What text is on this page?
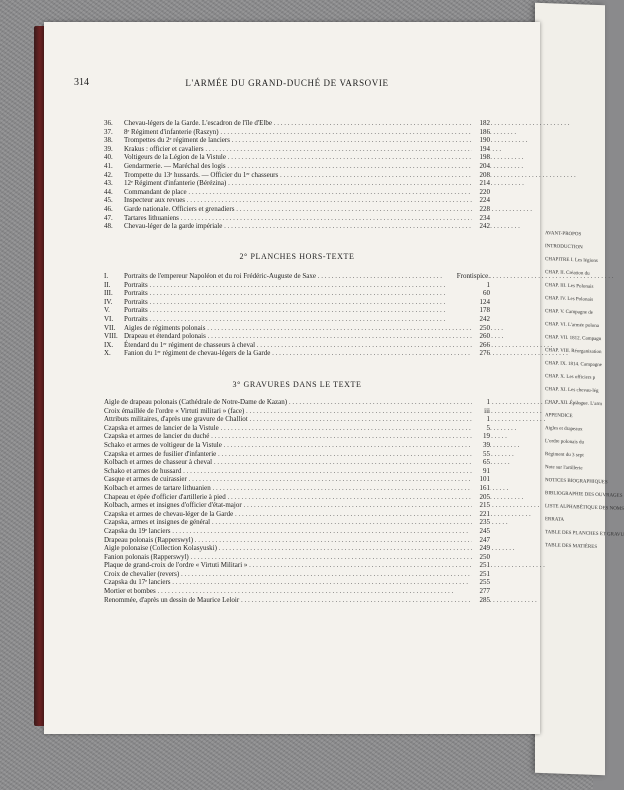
AVANT-PROPOS
INTRODUCTION
CHAPITRE I. Les légions
CHAP. II. Création du
CHAP. III. Les Polonais
CHAP. IV. Les Polonais
CHAP. V. Campagne de
CHAP. VI. L'armée polona
CHAP. VII. 1812. Campagn
CHAP. VIII. Réorganisation
CHAP. IX. 1814. Campagne
CHAP. X. Les officiers p
CHAP. XI. Les chevau-lég
CHAP. XII. Épilogue. L'arm
APPENDICE
Aigles et drapeaux
L'ordre polonais du
Régiment du 3 sept
Note sur l'artillerie
NOTICES BIOGRAPHIQUES
BIBLIOGRAPHIE DES OUVRAGES
LISTE ALPHABÉTIQUE DES NOMS
ERRATA
TABLE DES PLANCHES ET GRAVU
TABLE DES MATIÈRES
314	L'ARMÉE DU GRAND-DUCHÉ DE VARSOVIE
36.	Chevau-légers de la Garde. L'escadron de l'île d'Elbe . . .	182
37.	8ᵉ Régiment d'infanterie (Raszyn) . . .	186
38.	Trompettes du 2ᵉ régiment de lanciers . . .	190
39.	Krakus : officier et cavaliers . . .	194
40.	Voltigeurs de la Légion de la Vistule . . .	198
41.	Gendarmerie. — Maréchal des logis . . .	204
42.	Trompette du 13ᵉ hussards. — Officier du 1ᵉʳ chasseurs . . .	208
43.	12ᵉ Régiment d'infanterie (Bérézina) . . .	214
44.	Commandant de place . . .	220
45.	Inspecteur aux revues . . .	224
46.	Garde nationale. Officiers et grenadiers . . .	228
47.	Tartares lithuaniens . . .	234
48.	Chevau-léger de la garde impériale . . .	242
2° PLANCHES HORS-TEXTE
I.	Portraits de l'empereur Napoléon et du roi Frédéric-Auguste de Saxe . . .	Frontispice.
II.	Portraits . . .	1
III.	Portraits . . .	60
IV.	Portraits . . .	124
V.	Portraits . . .	178
VI.	Portraits . . .	242
VII.	Aigles de régiments polonais . . .	250
VIII. Drapeau et étendard polonais . . .	260
IX.	Étendard du 1ᵉʳ régiment de chasseurs à cheval . . .	266
X.	Fanion du 1ᵉʳ régiment de chevau-légers de la Garde . . .	276
3° GRAVURES DANS LE TEXTE
Aigle de drapeau polonais (Cathédrale de Notre-Dame de Kazan) . . .	1
Croix émaillée de l'ordre « Virtuti militari » (face) . . .	iii
Attributs militaires, d'après une gravure de Challiot . . .	1
Czapska et armes de lancier de la Vistule . . .	5
Czapska et armes de lancier du duché . . .	19
Schako et armes de voltigeur de la Vistule . . .	39
Czapska et armes de fusilier d'infanterie . . .	55
Kolbach et armes de chasseur à cheval . . .	65
Schako et armes de hussard . . .	91
Casque et armes de cuirassier . . .	101
Kolbach et armes de tartare lithuanien . . .	161
Chapeau et épée d'officier d'artillerie à pied . . .	205
Kolbach, armes et insignes d'officier d'état-major . . .	215
Czapska et armes de chevau-léger de la Garde . . .	221
Czapska, armes et insignes de général . . .	235
Czapska du 19ᵉ lanciers . . .	245
Drapeau polonais (Rapperswyl) . . .	247
Aigle polonaise (Collection Kolasyuski) . . .	249
Fanion polonais (Rapperswyl) . . .	250
Plaque de grand-croix de l'ordre « Virtuti Militari » . . .	251
Croix de chevalier (revers) . . .	251
Czapska du 17ᵉ lanciers . . .	255
Mortier et bombes . . .	277
Renommée, d'après un dessin de Maurice Leloir . . .	285
